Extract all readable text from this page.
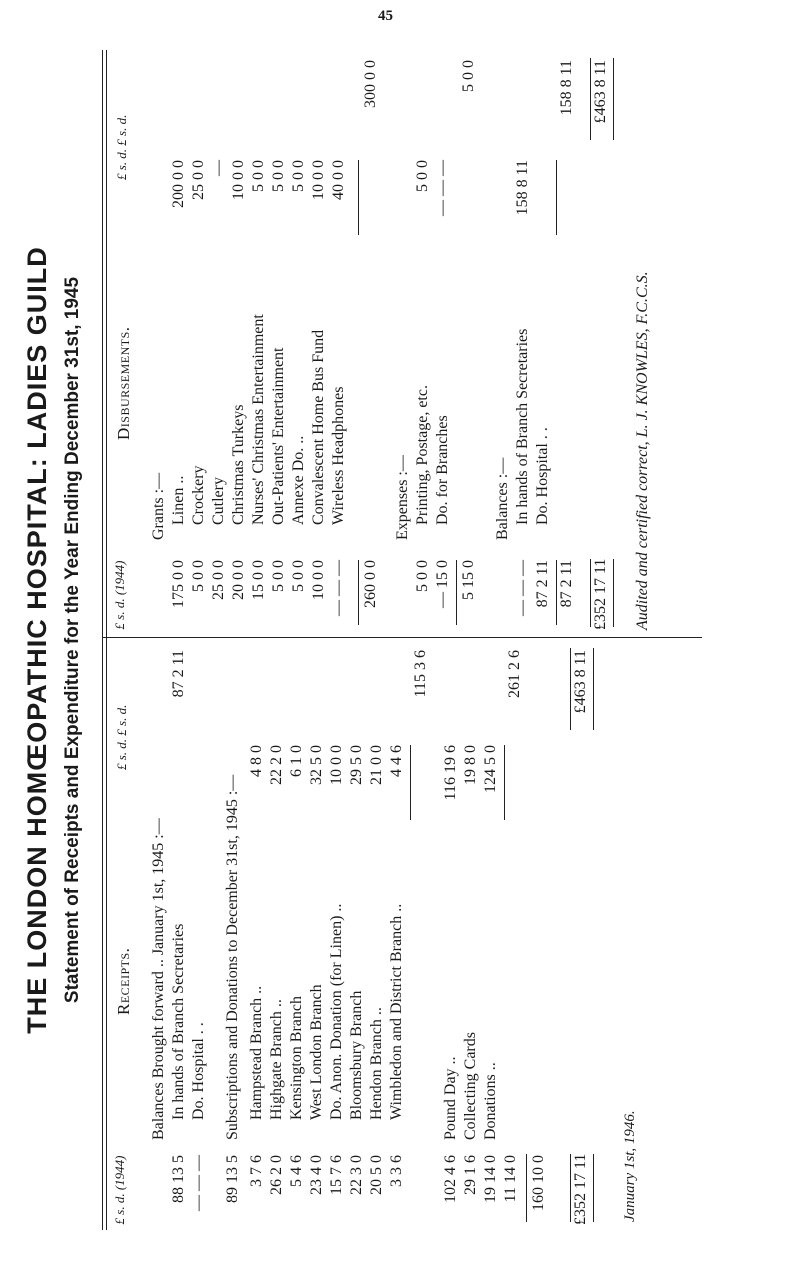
45
THE LONDON HOMŒOPATHIC HOSPITAL: LADIES GUILD Statement of Receipts and Expenditure for the Year Ending December 31st, 1945
£ s. d. (1944)
Receipts.
£ s. d. £ s. d.
Balances Brought forward .. January 1st, 1945 :— In hands of Branch Secretaries
88 13 5
Do. Hospital . .
— — —
87 2 11
Subscriptions and Donations to December 31st, 1945 :—
89 13 5
Hampstead Branch ..
3 7 6
4 8 0
Highgate Branch ..
26 2 0
22 2 0
Kensington Branch
5 4 6
6 1 0
West London Branch
23 4 0
32 5 0
Do. Anon. Donation (for Linen) ..
15 7 6
10 0 0
Bloomsbury Branch
22 3 0
29 5 0
Hendon Branch ..
20 5 0
21 0 0
Wimbledon and District Branch ..
3 3 6
4 4 6
115 3 6
Pound Day ..
102 4 6
116 19 6
Collecting Cards
29 1 6
19 8 0
Donations ..
19 14 0
124 5 0
11 14 0
261 2 6
160 10 0 £352 17 11
£463 8 11
January 1st, 1946.
£ s. d. (1944)
Disbursements.
£ s. d. £ s. d.
Grants :— Linen ..
175 0 0
200 0 0
Crockery
5 0 0
25 0 0
Cutlery
25 0 0
—
Christmas Turkeys
20 0 0
10 0 0
Nurses' Christmas Entertainment
15 0 0
5 0 0
Out-Patients' Entertainment
5 0 0
5 0 0
Annexe Do. ..
5 0 0
5 0 0
Convalescent Home Bus Fund
10 0 0
10 0 0
Wireless Headphones
— — —
40 0 0
260 0 0
300 0 0
Expenses :— Printing, Postage, etc.
5 0 0
5 0 0
Do. for Branches
— 15 0
— — —
5 15 0
5 0 0
Balances :— In hands of Branch Secretaries
— — —
158 8 11
Do. Hospital . .
87 2 11 87 2 11
158 8 11
£352 17 11
£463 8 11
Audited and certified correct, L. J. KNOWLES, F.C.C.S.
